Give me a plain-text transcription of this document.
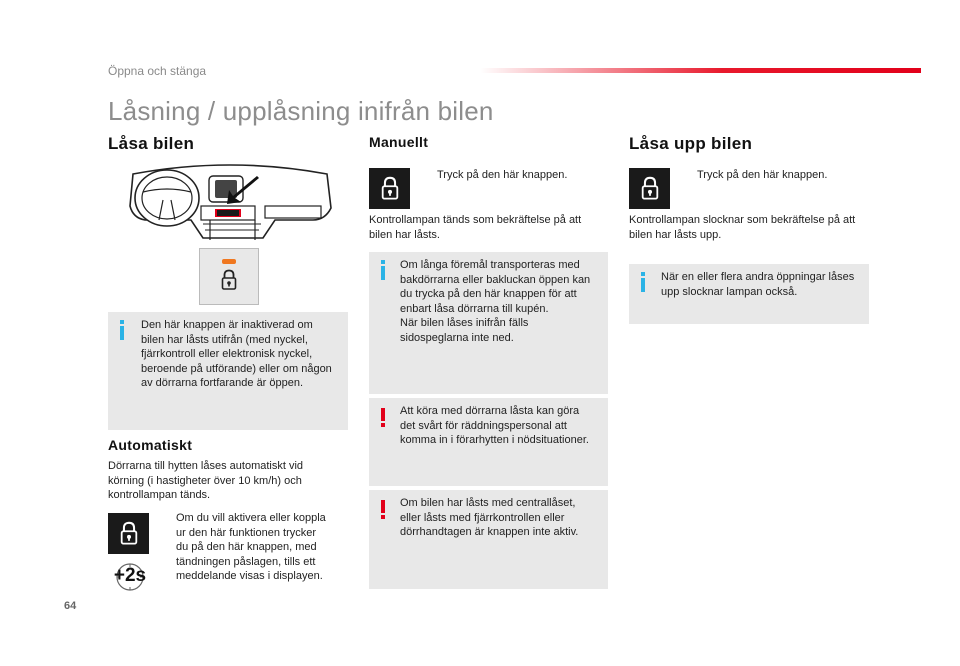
Öppna och stänga
Låsning / upplåsning inifrån bilen
Låsa bilen
Den här knappen är inaktiverad om
bilen har låsts utifrån (med nyckel,
fjärrkontroll eller elektronisk nyckel,
beroende på utförande) eller om någon
av dörrarna fortfarande är öppen.
Automatiskt
Dörrarna till hytten låses automatiskt vid
körning (i hastigheter över 10 km/h) och
kontrollampan tänds.
+2s
Om du vill aktivera eller koppla
ur den här funktionen trycker
du på den här knappen, med
tändningen påslagen, tills ett
meddelande visas i displayen.
Manuellt
Tryck på den här knappen.
Kontrollampan tänds som bekräftelse på att
bilen har låsts.
Om långa föremål transporteras med
bakdörrarna eller bakluckan öppen kan
du trycka på den här knappen för att
enbart låsa dörrarna till kupén.
När bilen låses inifrån fälls
sidospeglarna inte ned.
Att köra med dörrarna låsta kan göra
det svårt för räddningspersonal att
komma in i förarhytten i nödsituationer.
Om bilen har låsts med centrallåset,
eller låsts med fjärrkontrollen eller
dörrhandtagen är knappen inte aktiv.
Låsa upp bilen
Tryck på den här knappen.
Kontrollampan slocknar som bekräftelse på att
bilen har låsts upp.
När en eller flera andra öppningar låses
upp slocknar lampan också.
64
